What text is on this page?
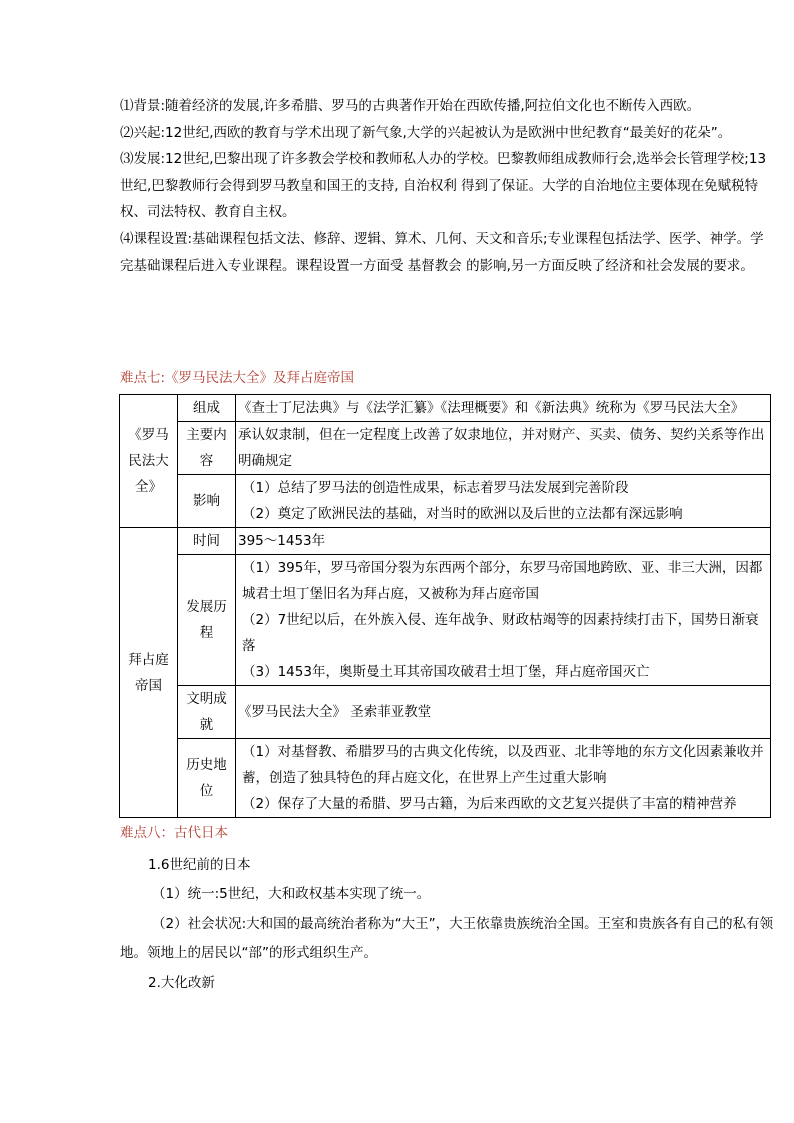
⑴背景:随着经济的发展,许多希腊、罗马的古典著作开始在西欧传播,阿拉伯文化也不断传入西欧。

⑵兴起:12世纪,西欧的教育与学术出现了新气象,大学的兴起被认为是欧洲中世纪教育“最美好的花朵”。

⑶发展:12世纪,巴黎出现了许多教会学校和教师私人办的学校。巴黎教师组成教师行会,选举会长管理学校;13世纪,巴黎教师行会得到罗马教皇和国王的支持, 自治权利 得到了保证。大学的自治地位主要体现在免赋税特权、司法特权、教育自主权。

⑷课程设置:基础课程包括文法、修辞、逻辑、算术、几何、天文和音乐;专业课程包括法学、医学、神学。学完基础课程后进入专业课程。课程设置一方面受 基督教会 的影响,另一方面反映了经济和社会发展的要求。

难点七:《罗马民法大全》及拜占庭帝国
《罗马民法大全》	组成	《查士丁尼法典》与《法学汇纂》《法理概要》和《新法典》统称为《罗马民法大全》

	主要内容	承认奴隶制，但在一定程度上改善了奴隶地位，并对财产、买卖、债务、契约关系等作出明确规定

	影响	（1）总结了罗马法的创造性成果，标志着罗马法发展到完善阶段
（2）奠定了欧洲民法的基础，对当时的欧洲以及后世的立法都有深远影响

拜占庭帝国	时间	395～1453年

	发展历程	（1）395年，罗马帝国分裂为东西两个部分，东罗马帝国地跨欧、亚、非三大洲，因都城君士坦丁堡旧名为拜占庭，又被称为拜占庭帝国
（2）7世纪以后，在外族入侵、连年战争、财政枯竭等的因素持续打击下，国势日渐衰落
（3）1453年，奥斯曼土耳其帝国攻破君士坦丁堡，拜占庭帝国灭亡

	文明成就	《罗马民法大全》 圣索菲亚教堂

	历史地位	（1）对基督教、希腊罗马的古典文化传统，以及西亚、北非等地的东方文化因素兼收并蓄，创造了独具特色的拜占庭文化，在世界上产生过重大影响
（2）保存了大量的希腊、罗马古籍，为后来西欧的文艺复兴提供了丰富的精神营养
难点八：古代日本

1.6世纪前的日本

（1）统一:5世纪，大和政权基本实现了统一。

（2）社会状况:大和国的最高统治者称为“大王”，大王依靠贵族统治全国。王室和贵族各有自己的私有领地。领地上的居民以“部”的形式组织生产。

2.大化改新
